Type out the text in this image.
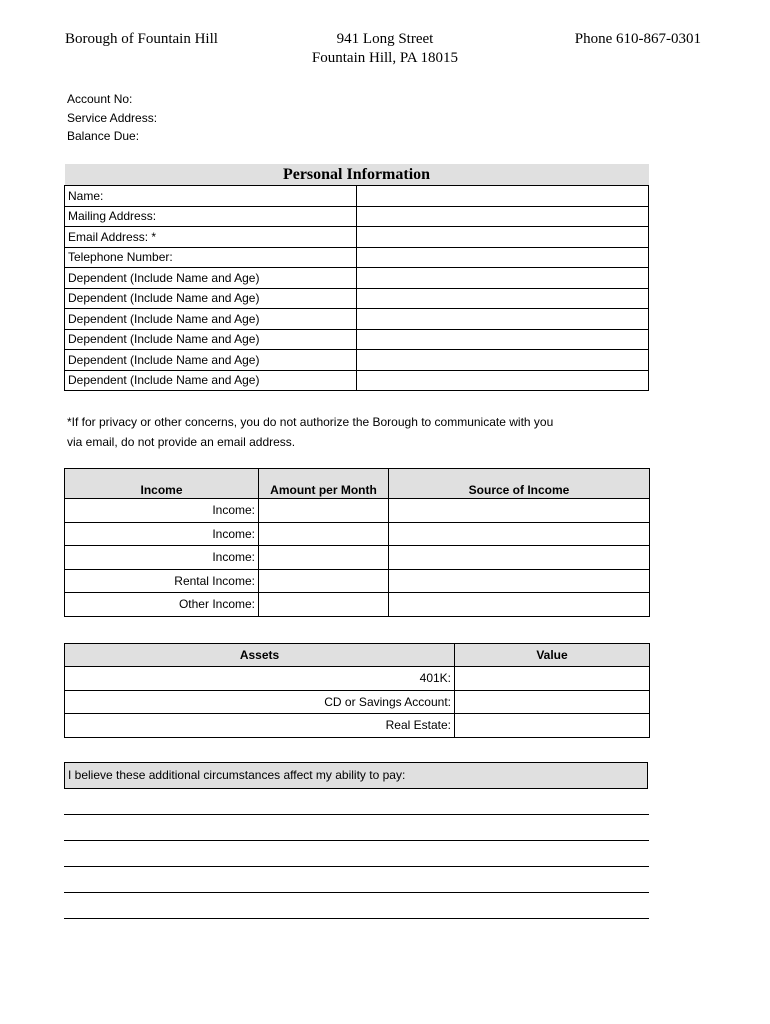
Borough of Fountain Hill	941 Long Street
Fountain Hill, PA 18015
Phone 610-867-0301
Account No:
Service Address:
Balance Due:
Personal Information	
Name:	
Mailing Address:	
Email Address: *	
Telephone Number:	
Dependent (Include Name and Age)	
Dependent (Include Name and Age)	
Dependent (Include Name and Age)	
Dependent (Include Name and Age)	
Dependent (Include Name and Age)	
Dependent (Include Name and Age)	
*If for privacy or other concerns, you do not authorize the Borough to communicate with you
via email, do not provide an email address.
Income	Amount per Month	Source of Income
Income:		
Income:		
Income:		
Rental Income:		
Other Income:		
Assets	Value
401K:	
CD or Savings Account:	
Real Estate:	
I believe these additional circumstances affect my ability to pay:
